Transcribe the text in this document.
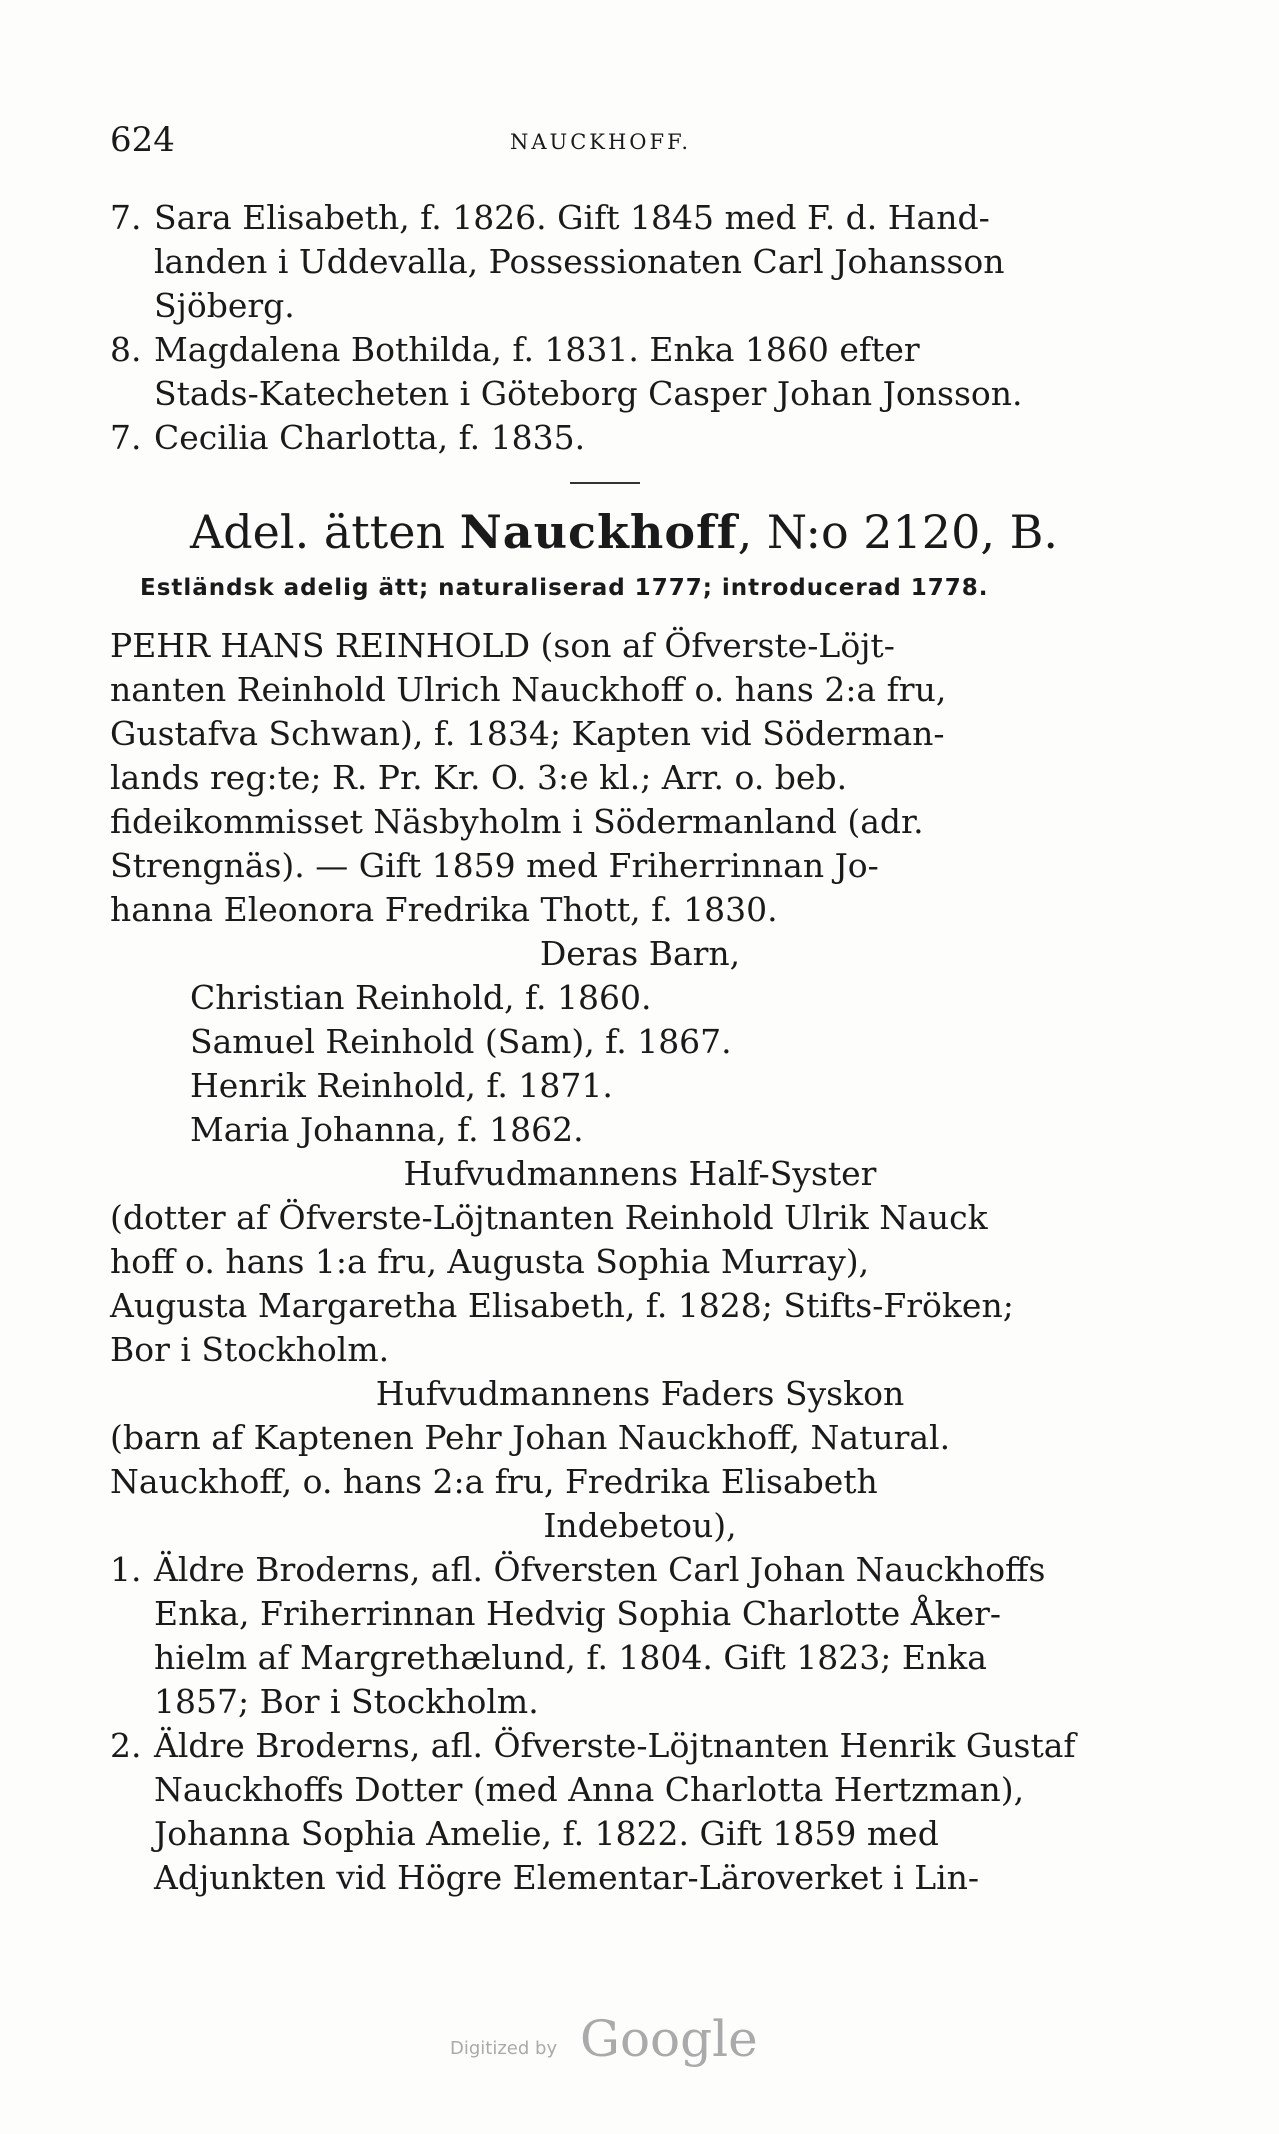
624	NAUCKHOFF.
7. Sara Elisabeth, f. 1826. Gift 1845 med F. d. Hand-
landen i Uddevalla, Possessionaten Carl Johansson
Sjöberg.
8. Magdalena Bothilda, f. 1831. Enka 1860 efter
Stads-Katecheten i Göteborg Casper Johan Jonsson.
7. Cecilia Charlotta, f. 1835.
Adel. ätten Nauckhoff, N:o 2120, B.
Estländsk adelig ätt; naturaliserad 1777; introducerad 1778.
PEHR HANS REINHOLD (son af Öfverste-Löjt-
nanten Reinhold Ulrich Nauckhoff o. hans 2:a fru,
Gustafva Schwan), f. 1834; Kapten vid Söderman-
lands reg:te; R. Pr. Kr. O. 3:e kl.; Arr. o. beb.
fideikommisset Näsbyholm i Södermanland (adr.
Strengnäs). — Gift 1859 med Friherrinnan Jo-
hanna Eleonora Fredrika Thott, f. 1830.
Deras Barn,
Christian Reinhold, f. 1860.
Samuel Reinhold (Sam), f. 1867.
Henrik Reinhold, f. 1871.
Maria Johanna, f. 1862.
Hufvudmannens Half-Syster
(dotter af Öfverste-Löjtnanten Reinhold Ulrik Nauck
hoff o. hans 1:a fru, Augusta Sophia Murray),
Augusta Margaretha Elisabeth, f. 1828; Stifts-Fröken;
Bor i Stockholm.
Hufvudmannens Faders Syskon
(barn af Kaptenen Pehr Johan Nauckhoff, Natural.
Nauckhoff, o. hans 2:a fru, Fredrika Elisabeth
Indebetou),
1. Äldre Broderns, afl. Öfversten Carl Johan Nauckhoffs
Enka, Friherrinnan Hedvig Sophia Charlotte Åker-
hielm af Margrethælund, f. 1804. Gift 1823; Enka
1857; Bor i Stockholm.
2. Äldre Broderns, afl. Öfverste-Löjtnanten Henrik Gustaf
Nauckhoffs Dotter (med Anna Charlotta Hertzman),
Johanna Sophia Amelie, f. 1822. Gift 1859 med
Adjunkten vid Högre Elementar-Läroverket i Lin-
Digitized by Google
